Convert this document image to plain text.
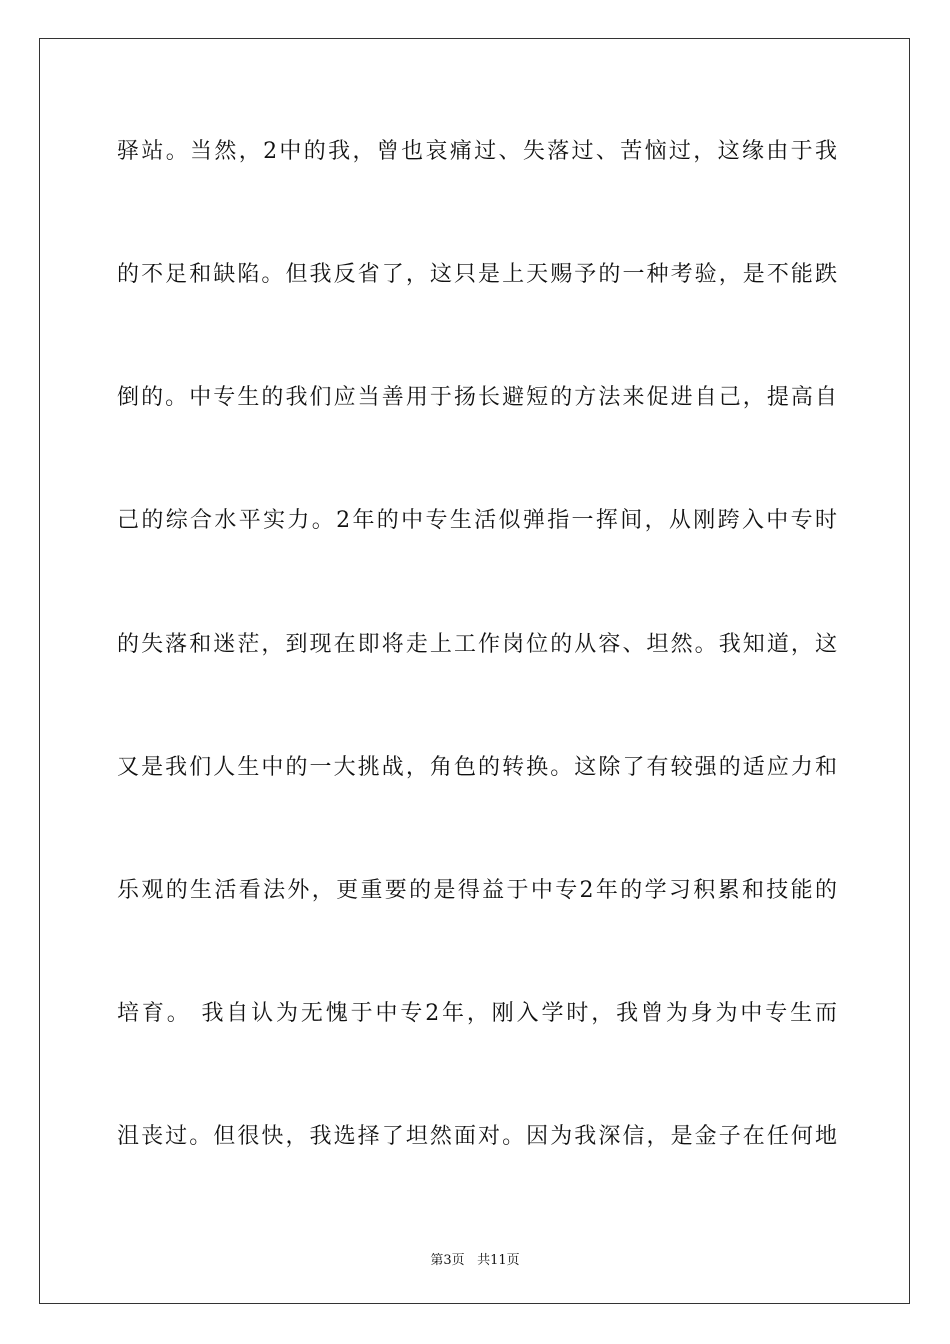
驿站。当然，2中的我，曾也哀痛过、失落过、苦恼过，这缘由于我
的不足和缺陷。但我反省了，这只是上天赐予的一种考验，是不能跌
倒的。中专生的我们应当善用于扬长避短的方法来促进自己，提高自
己的综合水平实力。2年的中专生活似弹指一挥间，从刚跨入中专时
的失落和迷茫，到现在即将走上工作岗位的从容、坦然。我知道，这
又是我们人生中的一大挑战，角色的转换。这除了有较强的适应力和
乐观的生活看法外，更重要的是得益于中专2年的学习积累和技能的
培育。 我自认为无愧于中专2年，刚入学时，我曾为身为中专生而
沮丧过。但很快，我选择了坦然面对。因为我深信，是金子在任何地
第3页 共11页
